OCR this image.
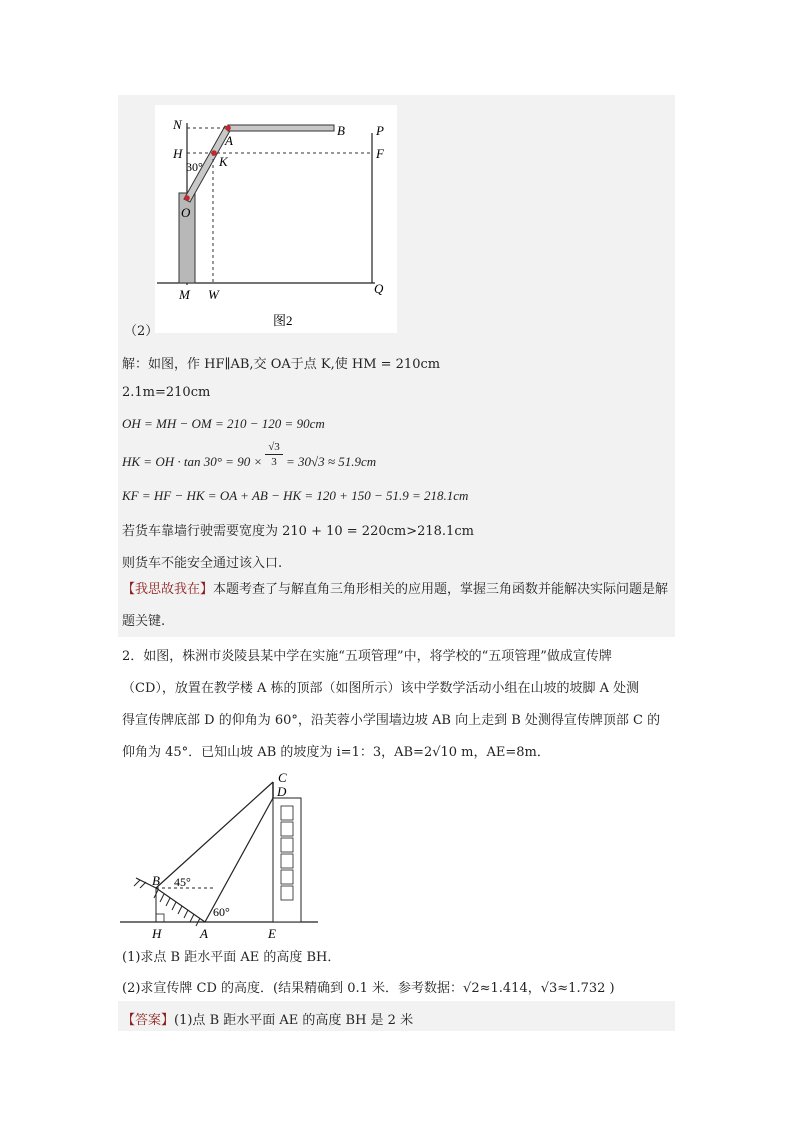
N
H
A
B P
F
K
30°
O
M W	Q
图2
（2）
解：如图，作 HF∥AB,交 OA于点 K,使 HM = 210cm
2.1m=210cm
OH = MH − OM = 210 − 120 = 90cm
HK = OH · $\tan 30^\circ = 90 \times \frac{√3}{3} = 30√3 \approx 51.9cm$
KF = HF − HK = OA + AB − HK = 120 + 150 − 51.9 = 218.1cm
若货车靠墙行驶需要宽度为 210 + 10 = 220cm>218.1cm
则货车不能安全通过该入口.
【我思故我在】本题考查了与解直角三角形相关的应用题，掌握三角函数并能解决实际问题是解题关键.
2．如图，株洲市炎陵县某中学在实施“五项管理”中，将学校的“五项管理”做成宣传牌
（CD），放置在教学楼 A 栋的顶部（如图所示）该中学数学活动小组在山坡的坡脚 A 处测
得宣传牌底部 D 的仰角为 60°，沿芙蓉小学围墙边坡 AB 向上走到 B 处测得宣传牌顶部 C 的
仰角为 45°．已知山坡 AB 的坡度为 i=1：3，AB=2√10 m，AE=8m．
C
D
B 45°
60°
H	A	E
(1)求点 B 距水平面 AE 的高度 BH．
(2)求宣传牌 CD 的高度．(结果精确到 0.1 米．参考数据：√2≈1.414，√3≈1.732 )
【答案】(1)点 B 距水平面 AE 的高度 BH 是 2 米
